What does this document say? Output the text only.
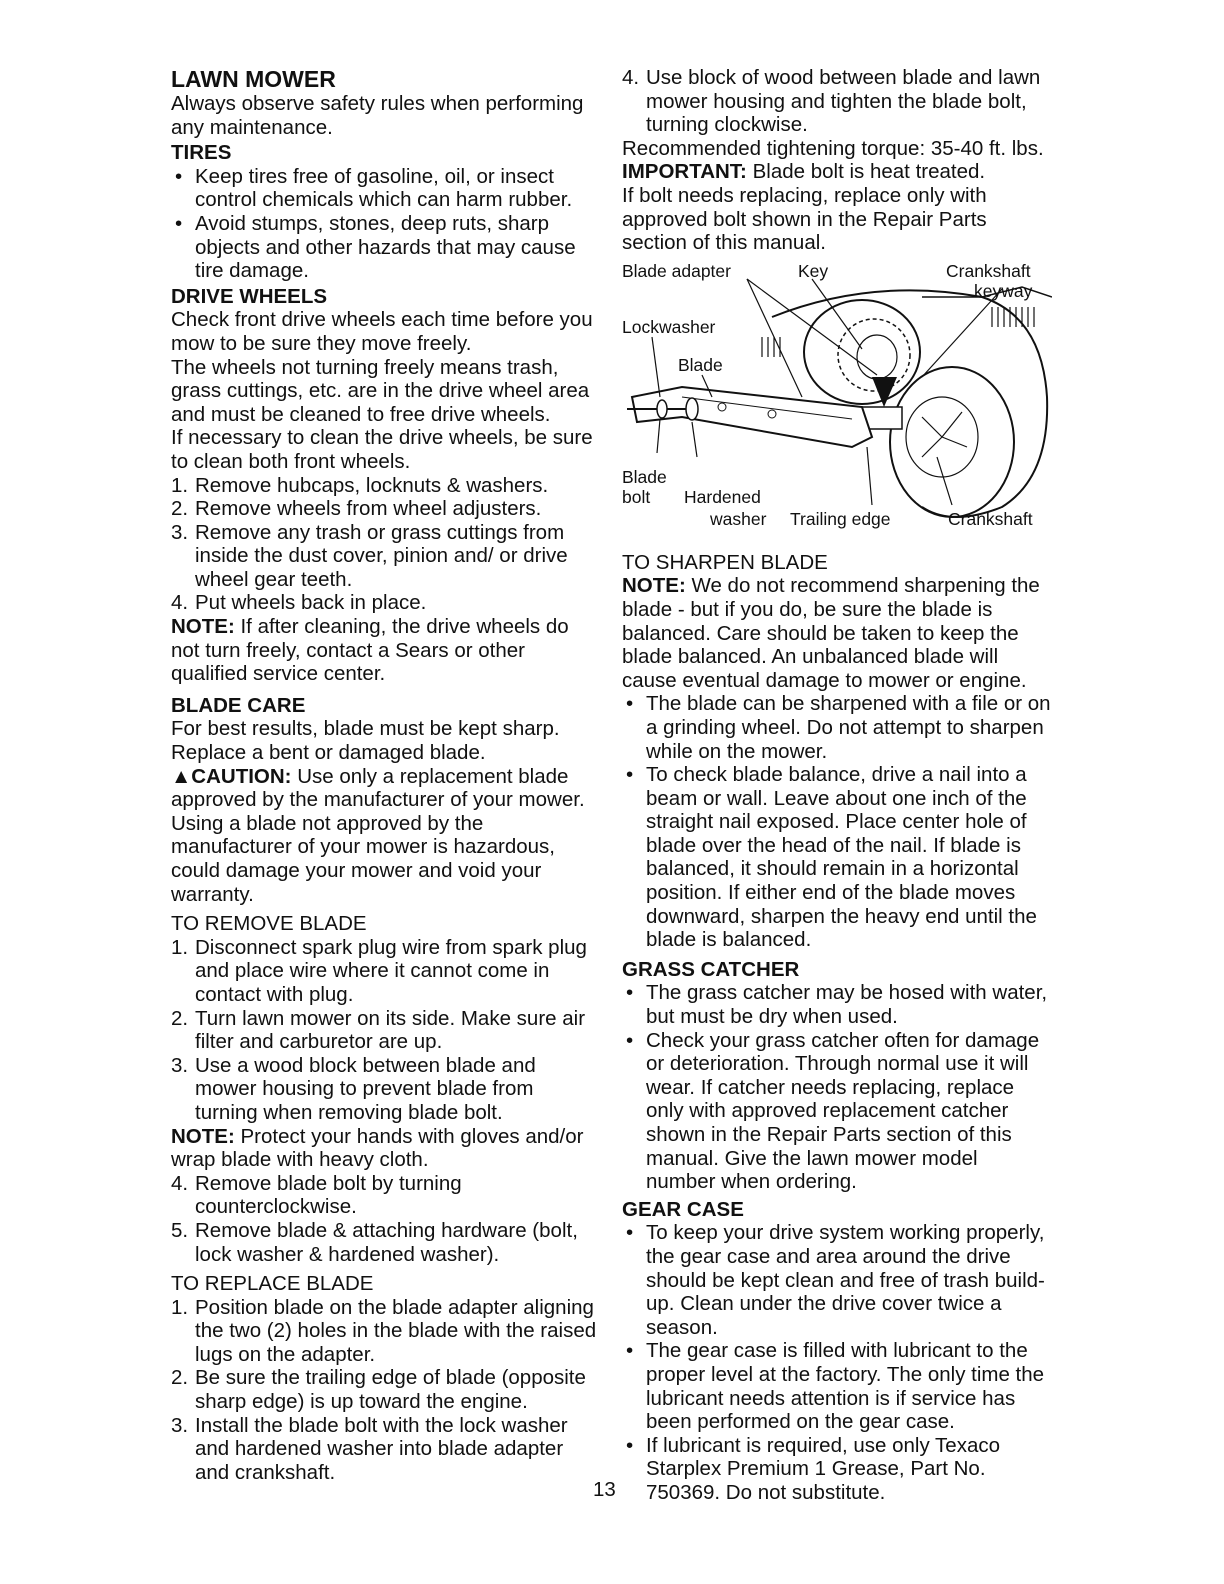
LAWN MOWER

Always observe safety rules when performing any maintenance.

TIRES
• Keep tires free of gasoline, oil, or insect control chemicals which can harm rubber.
• Avoid stumps, stones, deep ruts, sharp objects and other hazards that may cause tire damage.
DRIVE WHEELS

Check front drive wheels each time before you mow to be sure they move freely.

The wheels not turning freely means trash, grass cuttings, etc. are in the drive wheel area and must be cleaned to free drive wheels.

If necessary to clean the drive wheels, be sure to clean both front wheels.

1. Remove hubcaps, locknuts & washers.
2. Remove wheels from wheel adjusters.
3. Remove any trash or grass cuttings from inside the dust cover, pinion and/ or drive wheel gear teeth.
4. Put wheels back in place.

NOTE: If after cleaning, the drive wheels do not turn freely, contact a Sears or other qualified service center.

BLADE CARE

For best results, blade must be kept sharp. Replace a bent or damaged blade.

▲CAUTION: Use only a replacement blade approved by the manufacturer of your mower. Using a blade not approved by the manufacturer of your mower is hazardous, could damage your mower and void your warranty.

TO REMOVE BLADE

1. Disconnect spark plug wire from spark plug and place wire where it cannot come in contact with plug.
2. Turn lawn mower on its side. Make sure air filter and carburetor are up.
3. Use a wood block between blade and mower housing to prevent blade from turning when removing blade bolt.

NOTE: Protect your hands with gloves and/or wrap blade with heavy cloth.

4. Remove blade bolt by turning counterclockwise.
5. Remove blade & attaching hardware (bolt, lock washer & hardened washer).

TO REPLACE BLADE

1. Position blade on the blade adapter aligning the two (2) holes in the blade with the raised lugs on the adapter.
2. Be sure the trailing edge of blade (opposite sharp edge) is up toward the engine.
3. Install the blade bolt with the lock washer and hardened washer into blade adapter and crankshaft.
4. Use block of wood between blade and lawn mower housing and tighten the blade bolt, turning clockwise.

Recommended tightening torque: 35-40 ft. lbs.

IMPORTANT: Blade bolt is heat treated.

If bolt needs replacing, replace only with approved bolt shown in the Repair Parts section of this manual.

Blade adapter	Key	Crankshaft
keyway
Lockwasher
Blade
Blade
bolt Hardened
washer Trailing edge	Crankshaft

TO SHARPEN BLADE

NOTE: We do not recommend sharpening the blade - but if you do, be sure the blade is balanced. Care should be taken to keep the blade balanced. An unbalanced blade will cause eventual damage to mower or engine.

• The blade can be sharpened with a file or on a grinding wheel. Do not attempt to sharpen while on the mower.
• To check blade balance, drive a nail into a beam or wall. Leave about one inch of the straight nail exposed. Place center hole of blade over the head of the nail. If blade is balanced, it should remain in a horizontal position. If either end of the blade moves downward, sharpen the heavy end until the blade is balanced.
GRASS CATCHER
• The grass catcher may be hosed with water, but must be dry when used.
• Check your grass catcher often for damage or deterioration. Through normal use it will wear. If catcher needs replacing, replace only with approved replacement catcher shown in the Repair Parts section of this manual. Give the lawn mower model number when ordering.
GEAR CASE
• To keep your drive system working properly, the gear case and area around the drive should be kept clean and free of trash build-up. Clean under the drive cover twice a season.
• The gear case is filled with lubricant to the proper level at the factory. The only time the lubricant needs attention is if service has been performed on the gear case.
• If lubricant is required, use only Texaco Starplex Premium 1 Grease, Part No. 750369. Do not substitute.
13
